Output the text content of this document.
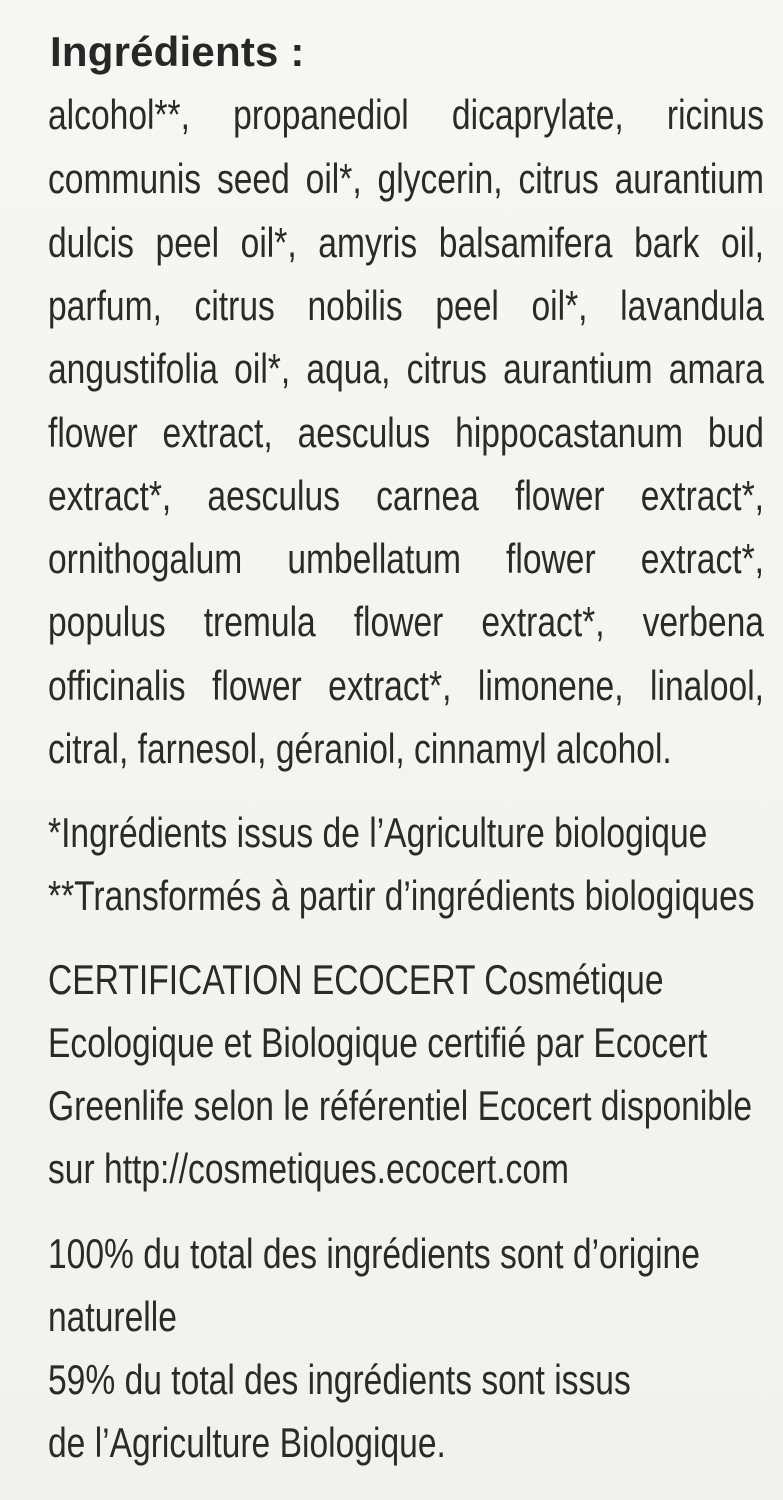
Ingrédients :
alcohol**, propanediol dicaprylate, ricinus
communis seed oil*, glycerin, citrus aurantium
dulcis peel oil*, amyris balsamifera bark oil,
parfum, citrus nobilis peel oil*, lavandula
angustifolia oil*, aqua, citrus aurantium amara
flower extract, aesculus hippocastanum bud
extract*, aesculus carnea flower extract*,
ornithogalum umbellatum flower extract*,
populus tremula flower extract*, verbena
officinalis flower extract*, limonene, linalool,
citral, farnesol, géraniol, cinnamyl alcohol.
*Ingrédients issus de l’Agriculture biologique
**Transformés à partir d’ingrédients biologiques
CERTIFICATION ECOCERT Cosmétique
Ecologique et Biologique certifié par Ecocert
Greenlife selon le référentiel Ecocert disponible
sur http://cosmetiques.ecocert.com
100% du total des ingrédients sont d’origine
naturelle
59% du total des ingrédients sont issus
de l’Agriculture Biologique.
